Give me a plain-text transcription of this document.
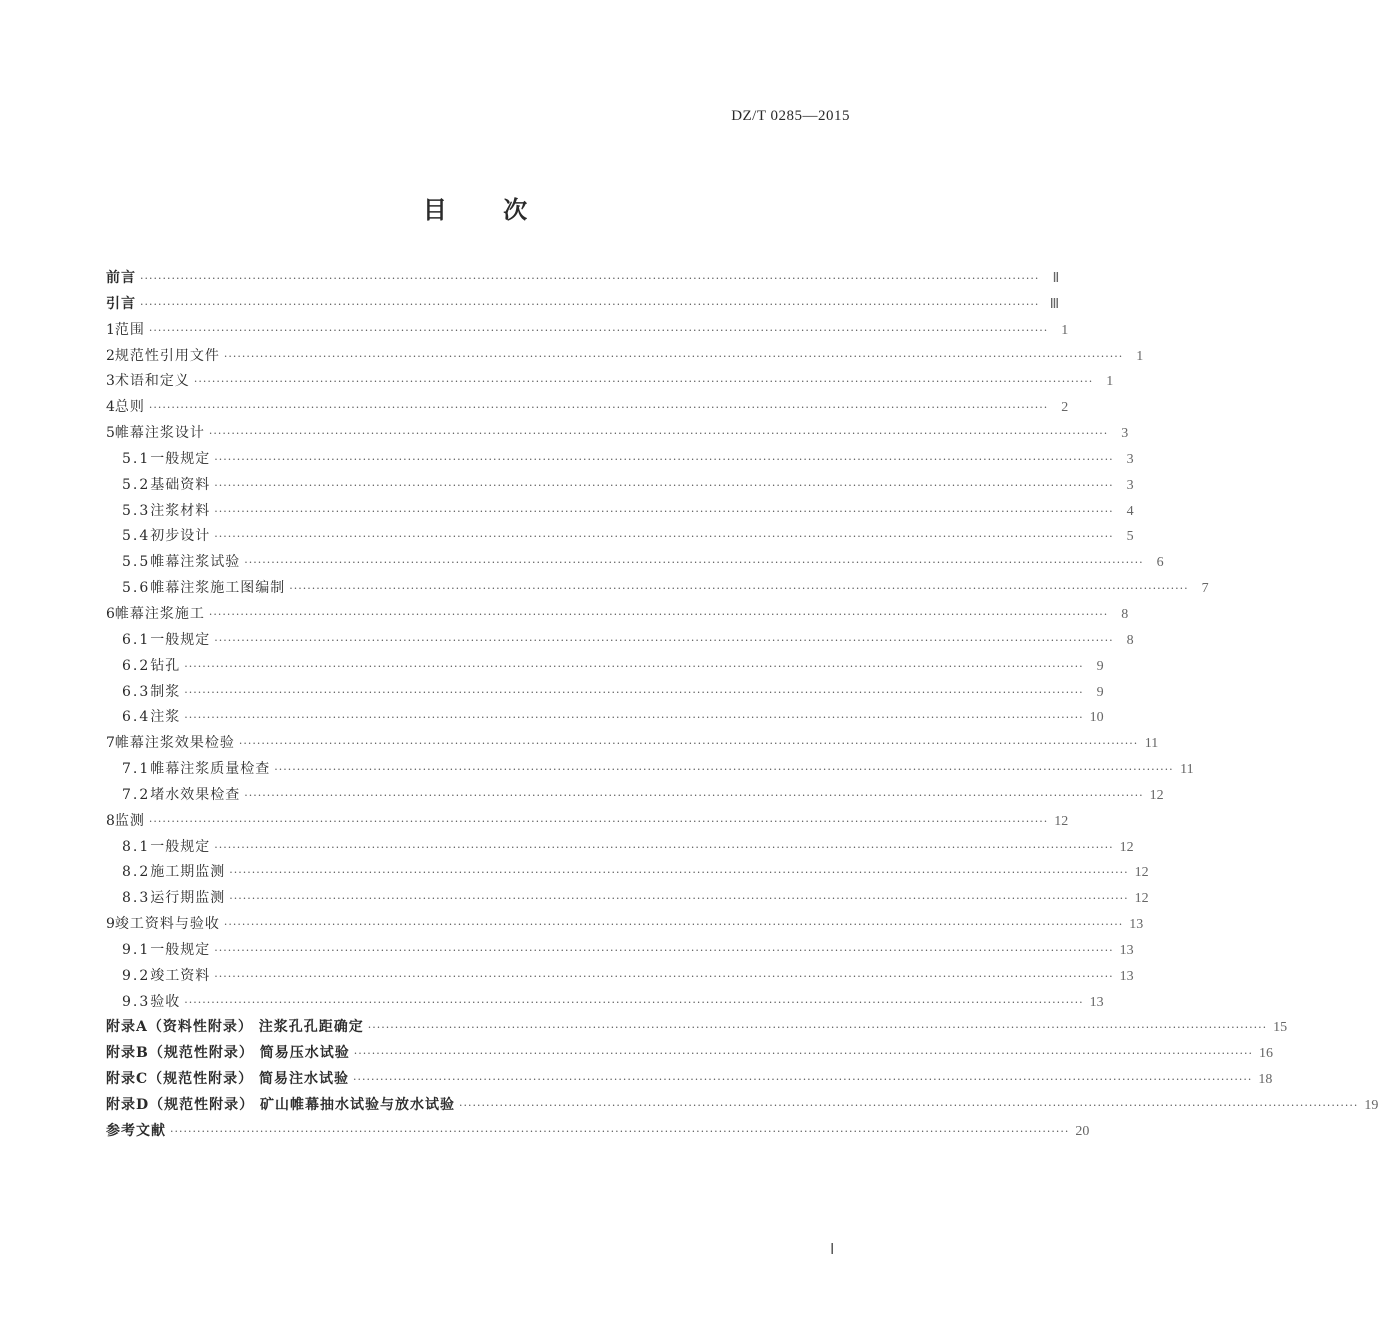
DZ/T 0285—2015
目 次
前言 ········································································································································································································ Ⅱ
引言 ········································································································································································································ Ⅲ
1 范围 ········································································································································································································ 1
2 规范性引用文件 ········································································································································································································ 1
3 术语和定义 ········································································································································································································ 1
4 总则 ········································································································································································································ 2
5 帷幕注浆设计 ········································································································································································································ 3
5.1 一般规定 ········································································································································································································ 3
5.2 基础资料 ········································································································································································································ 3
5.3 注浆材料 ········································································································································································································ 4
5.4 初步设计 ········································································································································································································ 5
5.5 帷幕注浆试验 ········································································································································································································ 6
5.6 帷幕注浆施工图编制 ········································································································································································································ 7
6 帷幕注浆施工 ········································································································································································································ 8
6.1 一般规定 ········································································································································································································ 8
6.2 钻孔 ········································································································································································································ 9
6.3 制浆 ········································································································································································································ 9
6.4 注浆 ········································································································································································································ 10
7 帷幕注浆效果检验 ········································································································································································································ 11
7.1 帷幕注浆质量检查 ········································································································································································································ 11
7.2 堵水效果检查 ········································································································································································································ 12
8 监测 ········································································································································································································ 12
8.1 一般规定 ········································································································································································································ 12
8.2 施工期监测 ········································································································································································································ 12
8.3 运行期监测 ········································································································································································································ 12
9 竣工资料与验收 ········································································································································································································ 13
9.1 一般规定 ········································································································································································································ 13
9.2 竣工资料 ········································································································································································································ 13
9.3 验收 ········································································································································································································ 13
附录A（资料性附录） 注浆孔孔距确定 ········································································································································································································ 15
附录B（规范性附录） 简易压水试验 ········································································································································································································ 16
附录C（规范性附录） 简易注水试验 ········································································································································································································ 18
附录D（规范性附录） 矿山帷幕抽水试验与放水试验 ········································································································································································································ 19
参考文献 ········································································································································································································ 20
Ⅰ
